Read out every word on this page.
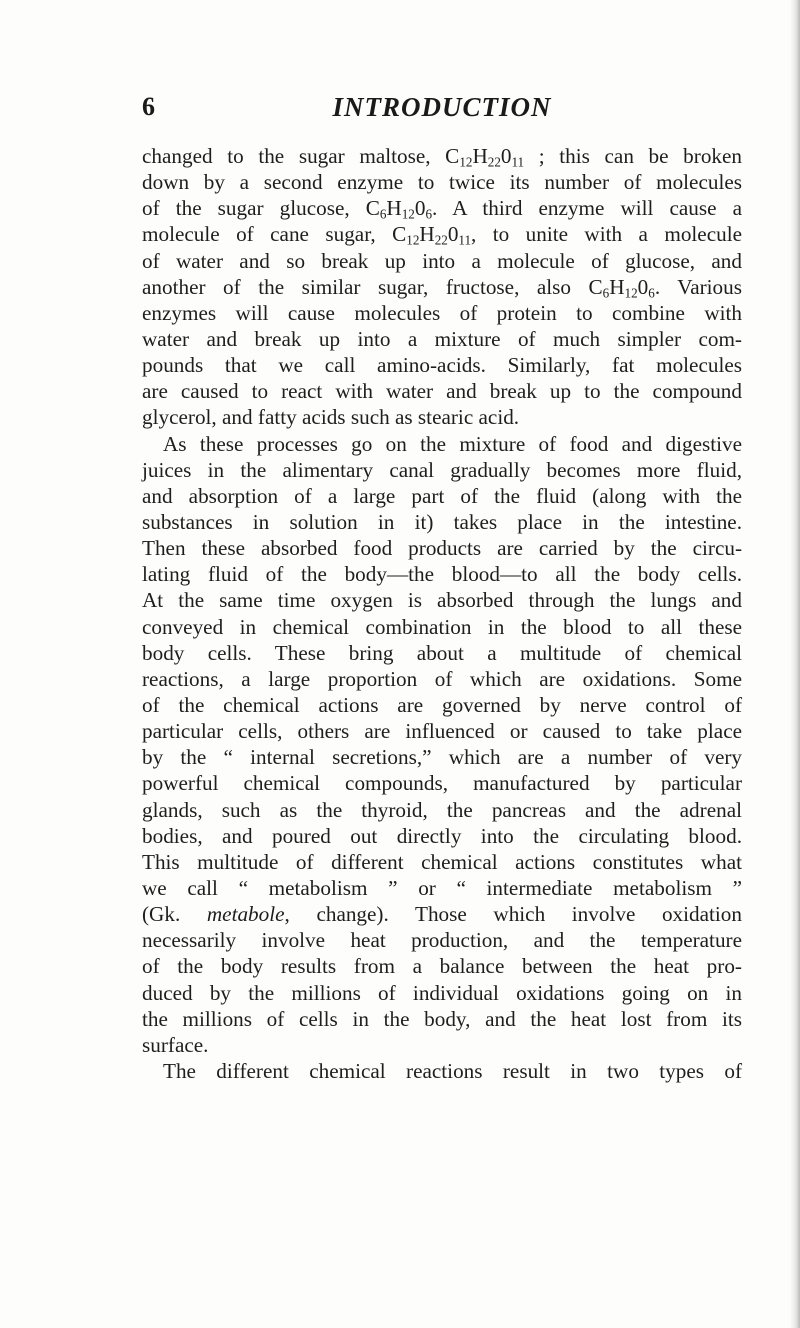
6	INTRODUCTION
changed to the sugar maltose, $C_{12}H_{22}0_{11}$ ; this can be broken
down by a second enzyme to twice its number of molecules
of the sugar glucose, $C_6H_{12}0_6$. A third enzyme will cause a
molecule of cane sugar, $C_{12}H_{22}0_{11}$, to unite with a molecule
of water and so break up into a molecule of glucose, and
another of the similar sugar, fructose, also $C_6H_{12}0_6$. Various
enzymes will cause molecules of protein to combine with
water and break up into a mixture of much simpler com-
pounds that we call amino-acids. Similarly, fat molecules
are caused to react with water and break up to the compound
glycerol, and fatty acids such as stearic acid.
As these processes go on the mixture of food and digestive
juices in the alimentary canal gradually becomes more fluid,
and absorption of a large part of the fluid (along with the
substances in solution in it) takes place in the intestine.
Then these absorbed food products are carried by the circu-
lating fluid of the body—the blood—to all the body cells.
At the same time oxygen is absorbed through the lungs and
conveyed in chemical combination in the blood to all these
body cells. These bring about a multitude of chemical
reactions, a large proportion of which are oxidations. Some
of the chemical actions are governed by nerve control of
particular cells, others are influenced or caused to take place
by the “ internal secretions,” which are a number of very
powerful chemical compounds, manufactured by particular
glands, such as the thyroid, the pancreas and the adrenal
bodies, and poured out directly into the circulating blood.
This multitude of different chemical actions constitutes what
we call “ metabolism ” or “ intermediate metabolism ”
(Gk. metabole, change). Those which involve oxidation
necessarily involve heat production, and the temperature
of the body results from a balance between the heat pro-
duced by the millions of individual oxidations going on in
the millions of cells in the body, and the heat lost from its
surface.
The different chemical reactions result in two types of
